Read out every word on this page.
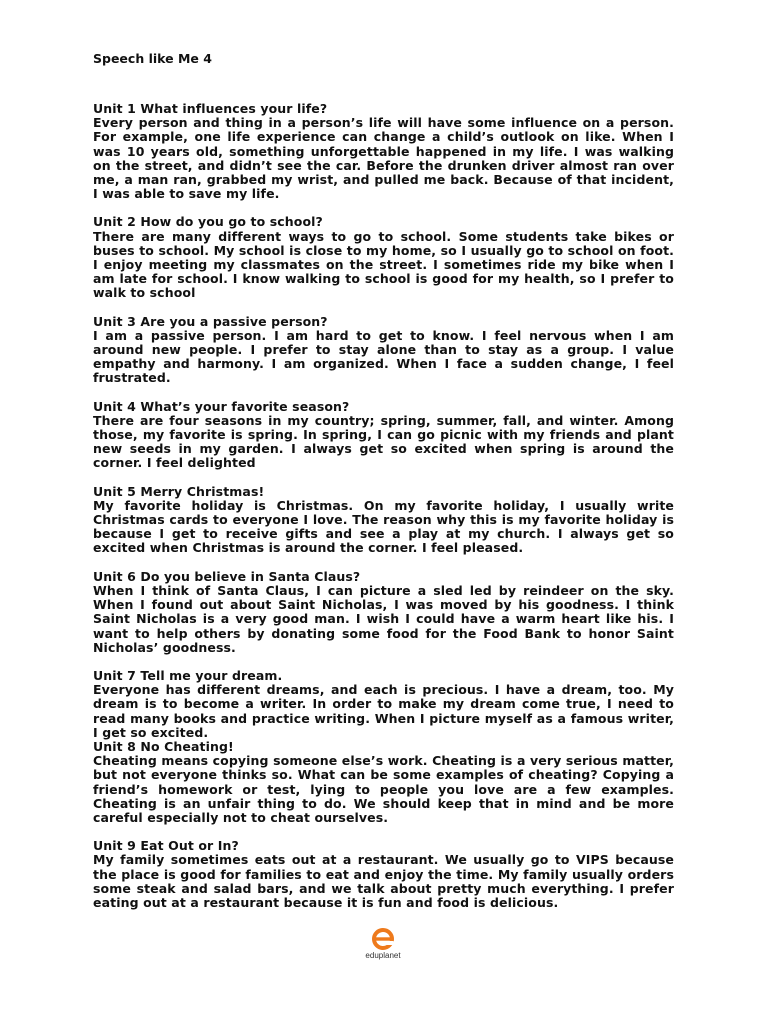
Speech like Me 4
Unit 1 What influences your life?
Every person and thing in a person’s life will have some influence on a person. For example, one life experience can change a child’s outlook on like. When I was 10 years old, something unforgettable happened in my life. I was walking on the street, and didn’t see the car. Before the drunken driver almost ran over me, a man ran, grabbed my wrist, and pulled me back. Because of that incident, I was able to save my life.
Unit 2 How do you go to school?
There are many different ways to go to school. Some students take bikes or buses to school. My school is close to my home, so I usually go to school on foot. I enjoy meeting my classmates on the street. I sometimes ride my bike when I am late for school. I know walking to school is good for my health, so I prefer to walk to school
Unit 3 Are you a passive person?
I am a passive person. I am hard to get to know. I feel nervous when I am around new people. I prefer to stay alone than to stay as a group. I value empathy and harmony. I am organized. When I face a sudden change, I feel frustrated.
Unit 4 What’s your favorite season?
There are four seasons in my country; spring, summer, fall, and winter. Among those, my favorite is spring. In spring, I can go picnic with my friends and plant new seeds in my garden. I always get so excited when spring is around the corner. I feel delighted
Unit 5 Merry Christmas!
My favorite holiday is Christmas. On my favorite holiday, I usually write Christmas cards to everyone I love. The reason why this is my favorite holiday is because I get to receive gifts and see a play at my church. I always get so excited when Christmas is around the corner. I feel pleased.
Unit 6 Do you believe in Santa Claus?
When I think of Santa Claus, I can picture a sled led by reindeer on the sky. When I found out about Saint Nicholas, I was moved by his goodness. I think Saint Nicholas is a very good man. I wish I could have a warm heart like his. I want to help others by donating some food for the Food Bank to honor Saint Nicholas’ goodness.
Unit 7 Tell me your dream.
Everyone has different dreams, and each is precious. I have a dream, too. My dream is to become a writer. In order to make my dream come true, I need to read many books and practice writing. When I picture myself as a famous writer, I get so excited.
Unit 8 No Cheating!
Cheating means copying someone else’s work. Cheating is a very serious matter, but not everyone thinks so. What can be some examples of cheating? Copying a friend’s homework or test, lying to people you love are a few examples. Cheating is an unfair thing to do. We should keep that in mind and be more careful especially not to cheat ourselves.
Unit 9 Eat Out or In?
My family sometimes eats out at a restaurant. We usually go to VIPS because the place is good for families to eat and enjoy the time. My family usually orders some steak and salad bars, and we talk about pretty much everything. I prefer eating out at a restaurant because it is fun and food is delicious.
eduplanet
